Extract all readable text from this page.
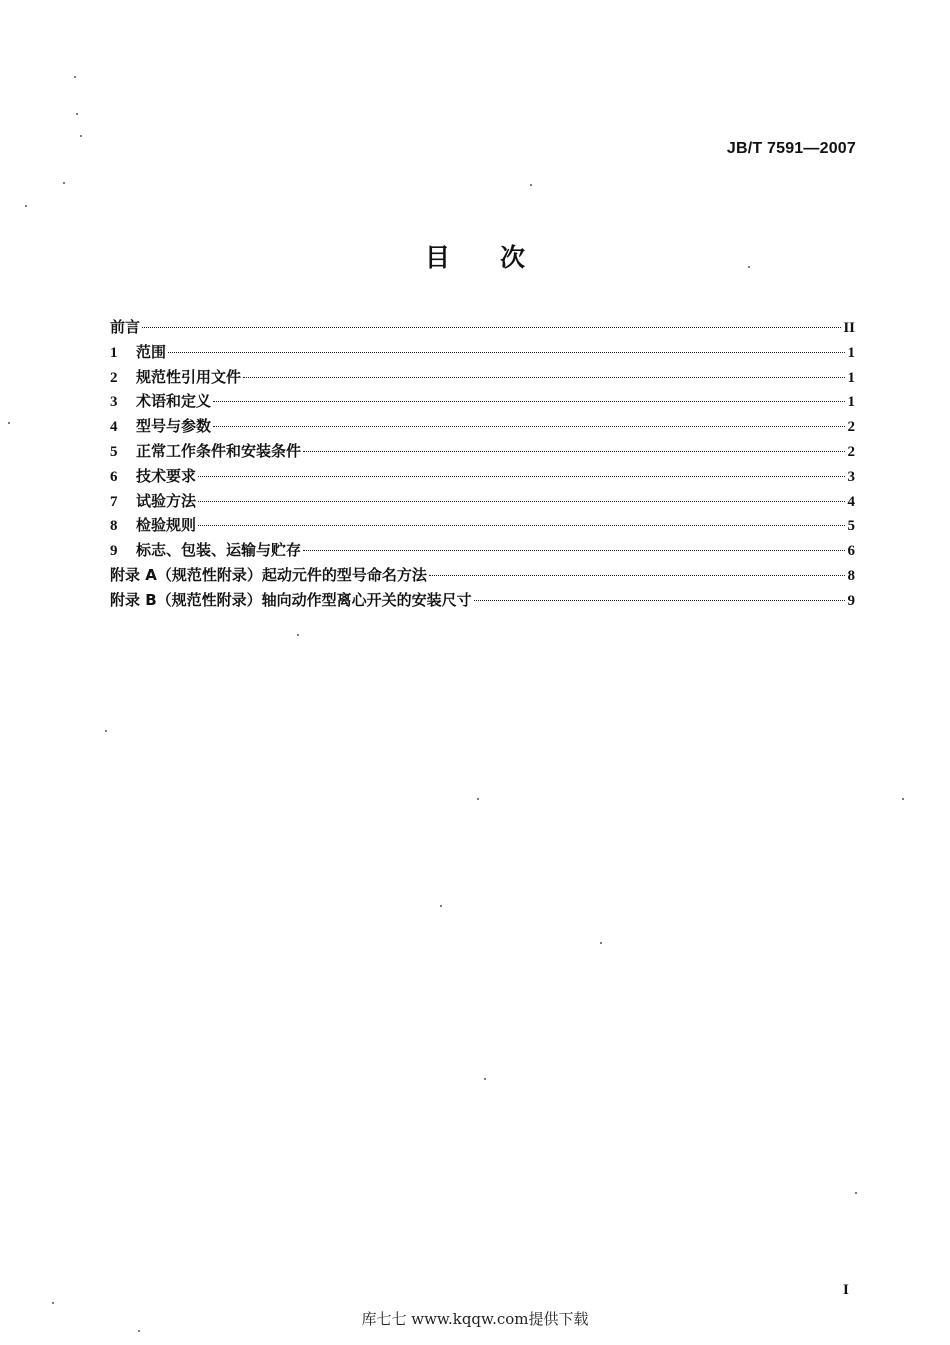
JB/T 7591—2007
目 次
前言	II
1	范围	1
2	规范性引用文件	1
3	术语和定义	1
4	型号与参数	2
5	正常工作条件和安装条件	2
6	技术要求	3
7	试验方法	4
8	检验规则	5
9	标志、包装、运输与贮存	6
附录 A（规范性附录）起动元件的型号命名方法	8
附录 B（规范性附录）轴向动作型离心开关的安装尺寸	9
I
库七七 www.kqqw.com提供下载
